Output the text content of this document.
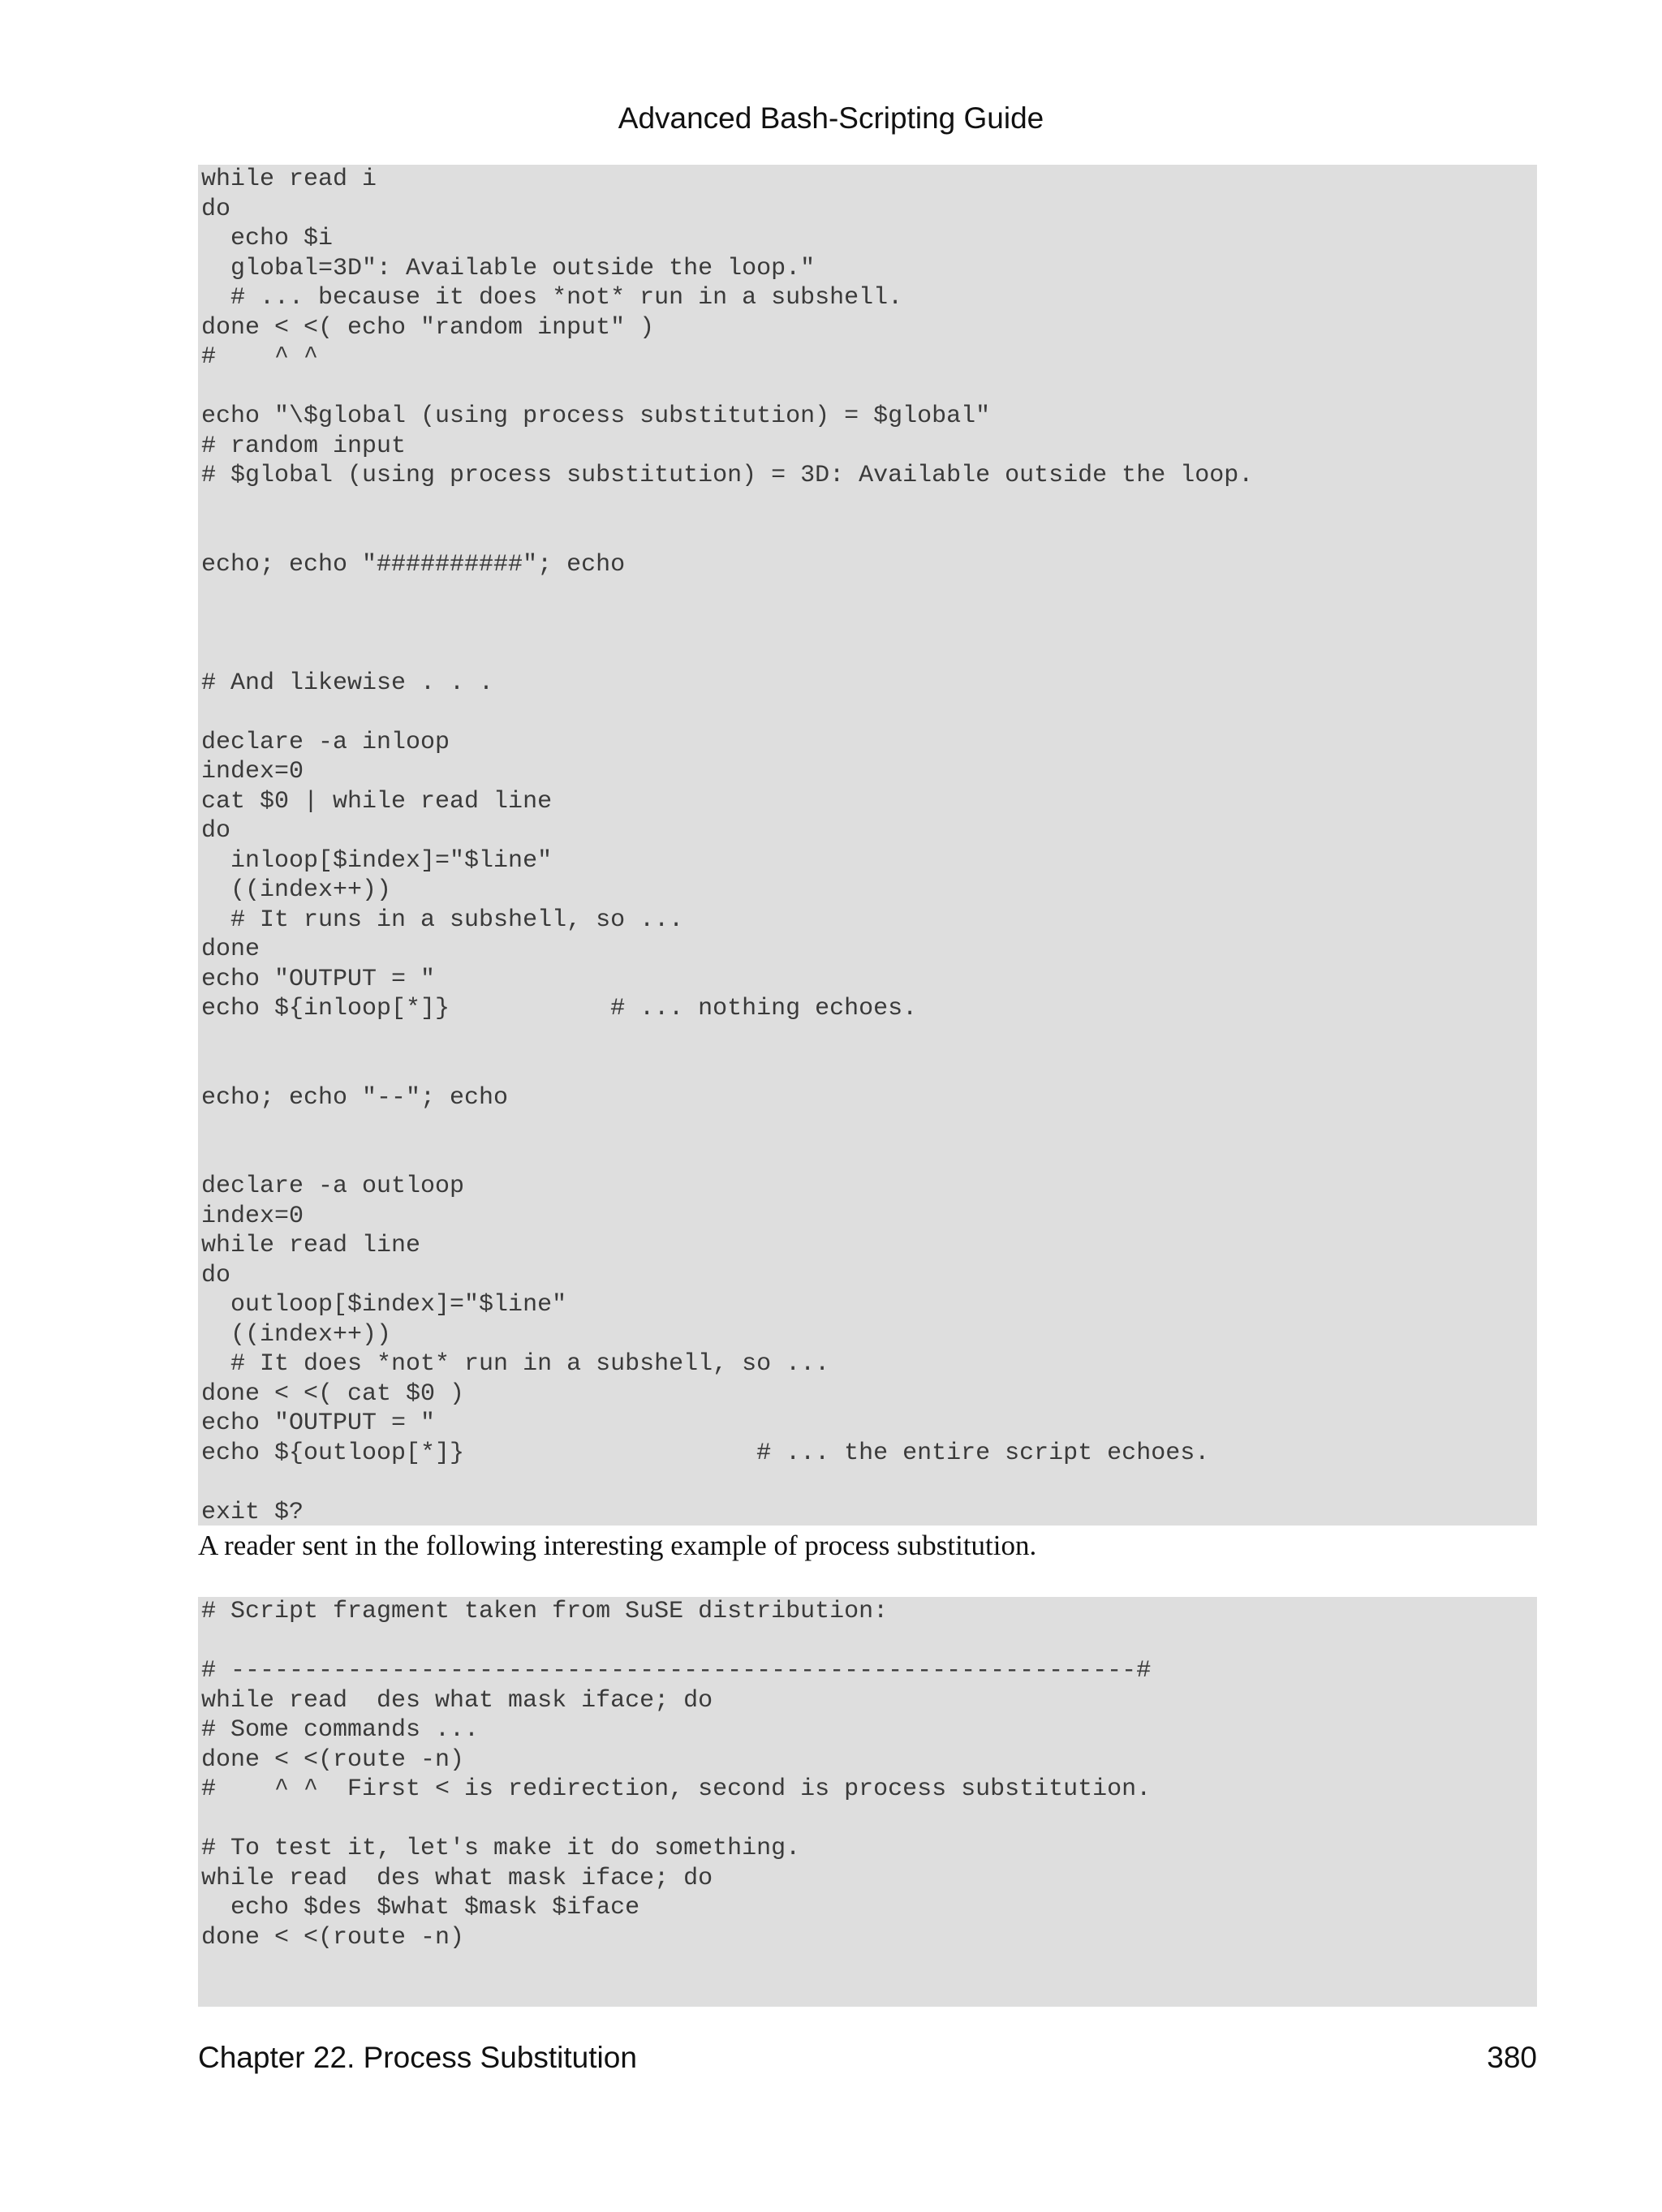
Advanced Bash-Scripting Guide
while read i
do
echo $i
global=3D": Available outside the loop."
# ... because it does *not* run in a subshell.
done < <( echo "random input" )
#    ^ ^

echo "\$global (using process substitution) = $global"
# random input
# $global (using process substitution) = 3D: Available outside the loop.

echo; echo "##########"; echo

# And likewise . . .

declare -a inloop
index=0
cat $0 | while read line
do
inloop[$index]="$line"
((index++))
# It runs in a subshell, so ...
done
echo "OUTPUT = "
echo ${inloop[*]}           # ... nothing echoes.

echo; echo "--"; echo

declare -a outloop
index=0
while read line
do
outloop[$index]="$line"
((index++))
# It does *not* run in a subshell, so ...
done < <( cat $0 )
echo "OUTPUT = "
echo ${outloop[*]}                    # ... the entire script echoes.

exit $?
A reader sent in the following interesting example of process substitution.
# Script fragment taken from SuSE distribution:

# --------------------------------------------------------------#
while read  des what mask iface; do
# Some commands ...
done < <(route -n)
#    ^ ^  First < is redirection, second is process substitution.

# To test it, let's make it do something.
while read  des what mask iface; do
echo $des $what $mask $iface
done < <(route -n)
Chapter 22. Process Substitution	380
